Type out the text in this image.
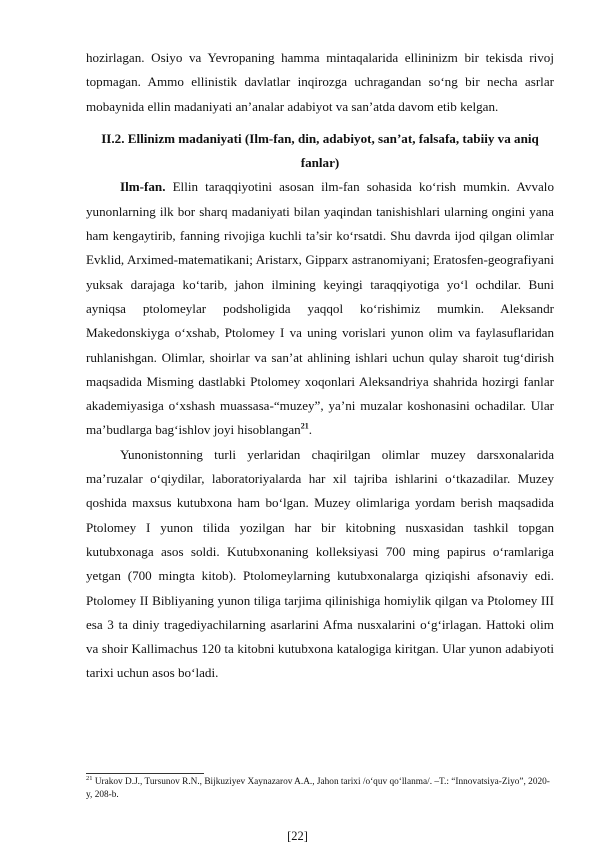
hozirlagan. Osiyo va Yevropaning hamma mintaqalarida ellininizm bir tekisda rivoj topmagan. Ammo ellinistik davlatlar inqirozga uchragandan so‘ng bir necha asrlar mobaynida ellin madaniyati an’analar adabiyot va san’atda davom etib kelgan.

II.2. Ellinizm madaniyati (Ilm-fan, din, adabiyot, san’at, falsafa, tabiiy va aniq fanlar)

Ilm-fan. Ellin taraqqiyotini asosan ilm-fan sohasida ko‘rish mumkin. Avvalo yunonlarning ilk bor sharq madaniyati bilan yaqindan tanishishlari ularning ongini yana ham kengaytirib, fanning rivojiga kuchli ta’sir ko‘rsatdi. Shu davrda ijod qilgan olimlar Evklid, Arximed-matematikani; Aristarx, Gipparx astranomiyani; Eratosfen-geografiyani yuksak darajaga ko‘tarib, jahon ilmining keyingi taraqqiyotiga yo‘l ochdilar. Buni ayniqsa ptolomeylar podsholigida yaqqol ko‘rishimiz mumkin. Aleksandr Makedonskiyga o‘xshab, Ptolomey I va uning vorislari yunon olim va faylasuflaridan ruhlanishgan. Olimlar, shoirlar va san’at ahlining ishlari uchun qulay sharoit tug‘dirish maqsadida Misming dastlabki Ptolomey xoqonlari Aleksandriya shahrida hozirgi fanlar akademiyasiga o‘xshash muassasa-“muzey”, ya’ni muzalar koshonasini ochadilar. Ular ma’budlarga bag‘ishlov joyi hisoblangan$^{21}$.

Yunonistonning turli yerlaridan chaqirilgan olimlar muzey darsxonalarida ma’ruzalar o‘qiydilar, laboratoriyalarda har xil tajriba ishlarini o‘tkazadilar. Muzey qoshida maxsus kutubxona ham bo‘lgan. Muzey olimlariga yordam berish maqsadida Ptolomey I yunon tilida yozilgan har bir kitobning nusxasidan tashkil topgan kutubxonaga asos soldi. Kutubxonaning kolleksiyasi 700 ming papirus o‘ramlariga yetgan (700 mingta kitob). Ptolomeylarning kutubxonalarga qiziqishi afsonaviy edi. Ptolomey II Bibliyaning yunon tiliga tarjima qilinishiga homiylik qilgan va Ptolomey III esa 3 ta diniy tragediyachilarning asarlarini Afma nusxalarini o‘g‘irlagan. Hattoki olim va shoir Kallimachus 120 ta kitobni kutubxona katalogiga kiritgan. Ular yunon adabiyoti tarixi uchun asos bo‘ladi.

$^{21}$ Urakov D.J., Tursunov R.N., Bijkuziyev Xaynazarov A.A., Jahon tarixi /o‘quv qo‘llanma/. –T.: “Innovatsiya-Ziyo”, 2020-y, 208-b.
[22]
